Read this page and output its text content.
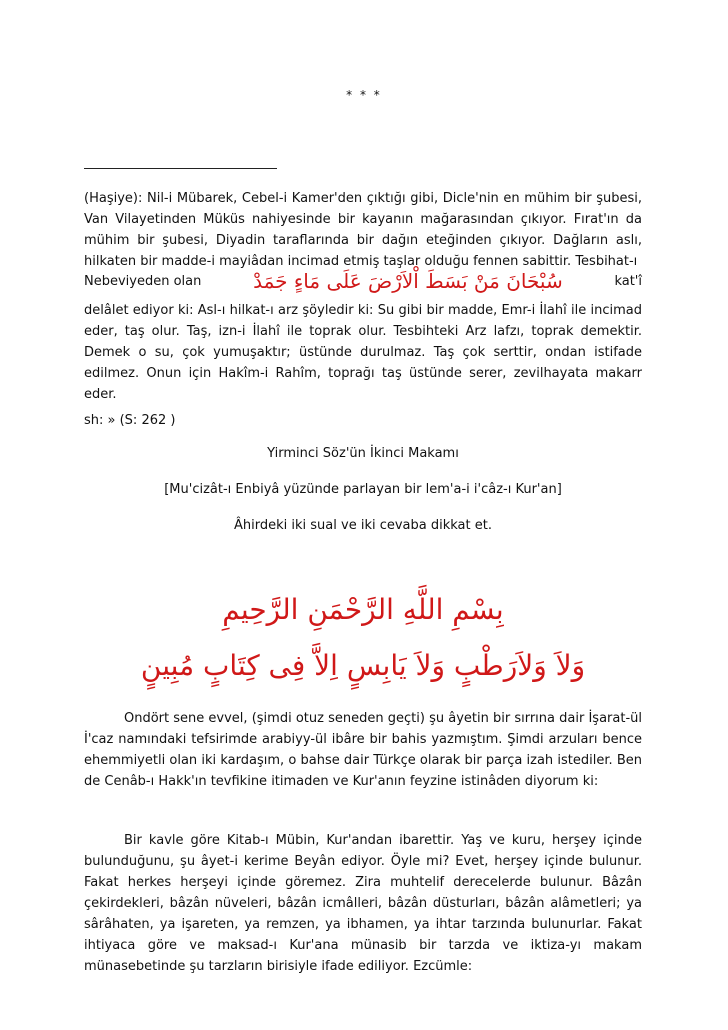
* * *

(Haşiye): Nil-i Mübarek, Cebel-i Kamer'den çıktığı gibi, Dicle'nin en mühim bir şubesi, Van Vilayetinden Müküs nahiyesinde bir kayanın mağarasından çıkıyor. Fırat'ın da mühim bir şubesi, Diyadin taraflarında bir dağın eteğinden çıkıyor. Dağların aslı, hilkaten bir madde-i mayiâdan incimad etmiş taşlar olduğu fennen sabittir. Tesbihat-ı

Nebeviyeden olan	سُبْحَانَ مَنْ بَسَطَ اْلاَرْضَ عَلَى مَاءٍ جَمَدْ	kat'î

delâlet ediyor ki: Asl-ı hilkat-ı arz şöyledir ki: Su gibi bir madde, Emr-i İlahî ile incimad eder, taş olur. Taş, izn-i İlahî ile toprak olur. Tesbihteki Arz lafzı, toprak demektir. Demek o su, çok yumuşaktır; üstünde durulmaz. Taş çok serttir, ondan istifade edilmez. Onun için Hakîm-i Rahîm, toprağı taş üstünde serer, zevilhayata makarr eder.

sh: » (S: 262 )
Yirminci Söz'ün İkinci Makamı
[Mu'cizât-ı Enbiyâ yüzünde parlayan bir lem'a-i i'câz-ı Kur'an]
Âhirdeki iki sual ve iki cevaba dikkat et.
بِسْمِ اللَّهِ الرَّحْمَنِ الرَّحِيمِ
وَلاَ وَلاَرَطْبٍ وَلاَ يَابِسٍ اِلاَّ فِى كِتَابٍ مُبِينٍ

Ondört sene evvel, (şimdi otuz seneden geçti) şu âyetin bir sırrına dair İşarat-ül İ'caz namındaki tefsirimde arabiyy-ül ibâre bir bahis yazmıştım. Şimdi arzuları bence ehemmiyetli olan iki kardaşım, o bahse dair Türkçe olarak bir parça izah istediler. Ben de Cenâb-ı Hakk'ın tevfikine itimaden ve Kur'anın feyzine istinâden diyorum ki:

Bir kavle göre Kitab-ı Mübin, Kur'andan ibarettir. Yaş ve kuru, herşey içinde bulunduğunu, şu âyet-i kerime Beyân ediyor. Öyle mi? Evet, herşey içinde bulunur. Fakat herkes herşeyi içinde göremez. Zira muhtelif derecelerde bulunur. Bâzân çekirdekleri, bâzân nüveleri, bâzân icmâlleri, bâzân düsturları, bâzân alâmetleri; ya sârâhaten, ya işareten, ya remzen, ya ibhamen, ya ihtar tarzında bulunurlar. Fakat ihtiyaca göre ve maksad-ı Kur'ana münasib bir tarzda ve iktiza-yı makam münasebetinde şu tarzların birisiyle ifade ediliyor. Ezcümle:
